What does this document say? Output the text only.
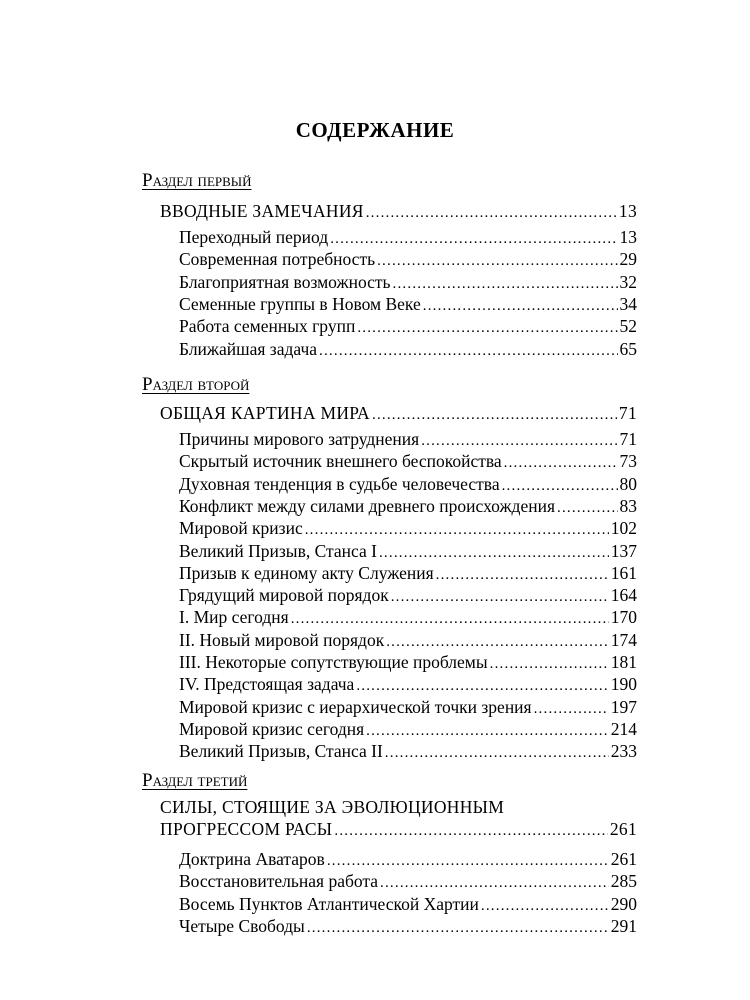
СОДЕРЖАНИЕ
Раздел первый
ВВОДНЫЕ ЗАМЕЧАНИЯ .....	13
Переходный период .....	13
Современная потребность .....	29
Благоприятная возможность .....	32
Семенные группы в Новом Веке .....	34
Работа семенных групп .....	52
Ближайшая задача .....	65
Раздел второй
ОБЩАЯ КАРТИНА МИРА .....	71
Причины мирового затруднения .....	71
Скрытый источник внешнего беспокойства .....	73
Духовная тенденция в судьбе человечества .....	80
Конфликт между силами древнего происхождения .....	83
Мировой кризис .....	102
Великий Призыв, Станса I .....	137
Призыв к единому акту Служения .....	161
Грядущий мировой порядок .....	164
I. Мир сегодня .....	170
II. Новый мировой порядок .....	174
III. Некоторые сопутствующие проблемы .....	181
IV. Предстоящая задача .....	190
Мировой кризис с иерархической точки зрения .....	197
Мировой кризис сегодня .....	214
Великий Призыв, Станса II .....	233
Раздел третий
СИЛЫ, СТОЯЩИЕ ЗА ЭВОЛЮЦИОННЫМ
ПРОГРЕССОМ РАСЫ .....	261
Доктрина Аватаров .....	261
Восстановительная работа .....	285
Восемь Пунктов Атлантической Хартии .....	290
Четыре Свободы .....	291
